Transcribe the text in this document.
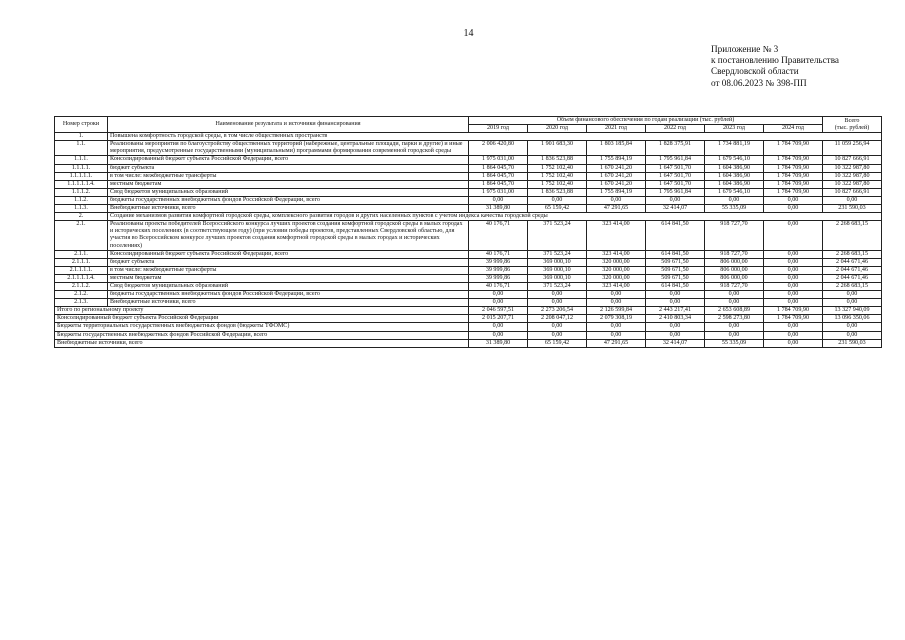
14
Приложение № 3
к постановлению Правительства
Свердловской области
от 08.06.2023 № 398-ПП
Номер строки	Наименование результата и источники финансирования	Объем финансового обеспечения по годам реализации (тыс. рублей)						Всего
(тыс. рублей)

		2019 год	2020 год	2021 год	2022 год	2023 год	2024 год	
1.	Повышена комфортность городской среды, в том числе общественных пространств							
1.1.	Реализованы мероприятия по благоустройству общественных территорий (набережные, центральные площади, парки и другие) и иные мероприятия, предусмотренные государственными (муниципальными) программами формирования современной городской среды	2 006 420,80	1 901 683,30	1 803 185,84	1 828 375,91	1 734 881,19	1 784 709,90	11 059 256,94
1.1.1.	Консолидированный бюджет субъекта Российской Федерации, всего	1 975 031,00	1 836 523,88	1 755 894,19	1 795 961,84	1 679 546,10	1 784 709,90	10 827 666,91
1.1.1.1.	бюджет субъекта	1 864 045,70	1 752 102,40	1 670 241,20	1 647 501,70	1 604 386,90	1 784 709,90	10 322 987,80
1.1.1.1.1.	в том числе: межбюджетные трансферты	1 864 045,70	1 752 102,40	1 670 241,20	1 647 501,70	1 604 386,90	1 784 709,90	10 322 987,80
1.1.1.1.1.4.	местным бюджетам	1 864 045,70	1 752 102,40	1 670 241,20	1 647 501,70	1 604 386,90	1 784 709,90	10 322 987,80
1.1.1.2.	Свод бюджетов муниципальных образований	1 975 031,00	1 836 523,88	1 755 894,19	1 795 961,84	1 679 546,10	1 784 709,90	10 827 666,91
1.1.2.	бюджеты государственных внебюджетных фондов Российской Федерации, всего	0,00	0,00	0,00	0,00	0,00	0,00	0,00
1.1.3.	Внебюджетные источники, всего	31 389,80	65 159,42	47 291,65	32 414,07	55 335,09	0,00	231 590,03
2.	Создание механизмов развития комфортной городской среды, комплексного развития городов и других населенных пунктов с учетом индекса качества городской среды							
2.1.	Реализованы проекты победителей Всероссийского конкурса лучших проектов создания комфортной городской среды в малых городах и исторических поселениях (в соответствующем году) (при условии победы проектов, представленных Свердловской областью, для участия во Всероссийском конкурсе лучших проектов создания комфортной городской среды в малых городах и исторических поселениях)	40 176,71	371 523,24	323 414,00	614 841,50	918 727,70	0,00	2 268 683,15
2.1.1.	Консолидированный бюджет субъекта Российской Федерации, всего	40 176,71	371 523,24	323 414,00	614 841,50	918 727,70	0,00	2 268 683,15
2.1.1.1.	бюджет субъекта	39 999,86	369 000,10	320 000,00	509 671,50	806 000,00	0,00	2 044 671,46
2.1.1.1.1.	в том числе: межбюджетные трансферты	39 999,86	369 000,10	320 000,00	509 671,50	806 000,00	0,00	2 044 671,46
2.1.1.1.1.4.	местным бюджетам	39 999,86	369 000,10	320 000,00	509 671,50	806 000,00	0,00	2 044 671,46
2.1.1.2.	Свод бюджетов муниципальных образований	40 176,71	371 523,24	323 414,00	614 841,50	918 727,70	0,00	2 268 683,15
2.1.2.	бюджеты государственных внебюджетных фондов Российской Федерации, всего	0,00	0,00	0,00	0,00	0,00	0,00	0,00
2.1.3.	Внебюджетные источники, всего	0,00	0,00	0,00	0,00	0,00	0,00	0,00
Итого по региональному проекту		2 046 597,51	2 273 206,54	2 126 599,84	2 443 217,41	2 653 608,89	1 784 709,90	13 327 940,09
Консолидированный бюджет субъекта Российской Федерации		2 015 207,71	2 208 047,12	2 079 308,19	2 410 803,34	2 598 273,80	1 784 709,90	13 096 350,06
Бюджеты территориальных государственных внебюджетных фондов (бюджеты ТФОМС)		0,00	0,00	0,00	0,00	0,00	0,00	0,00
Бюджеты государственных внебюджетных фондов Российской Федерации, всего		0,00	0,00	0,00	0,00	0,00	0,00	0,00
Внебюджетные источники, всего		31 389,80	65 159,42	47 291,65	32 414,07	55 335,09	0,00	231 590,03
